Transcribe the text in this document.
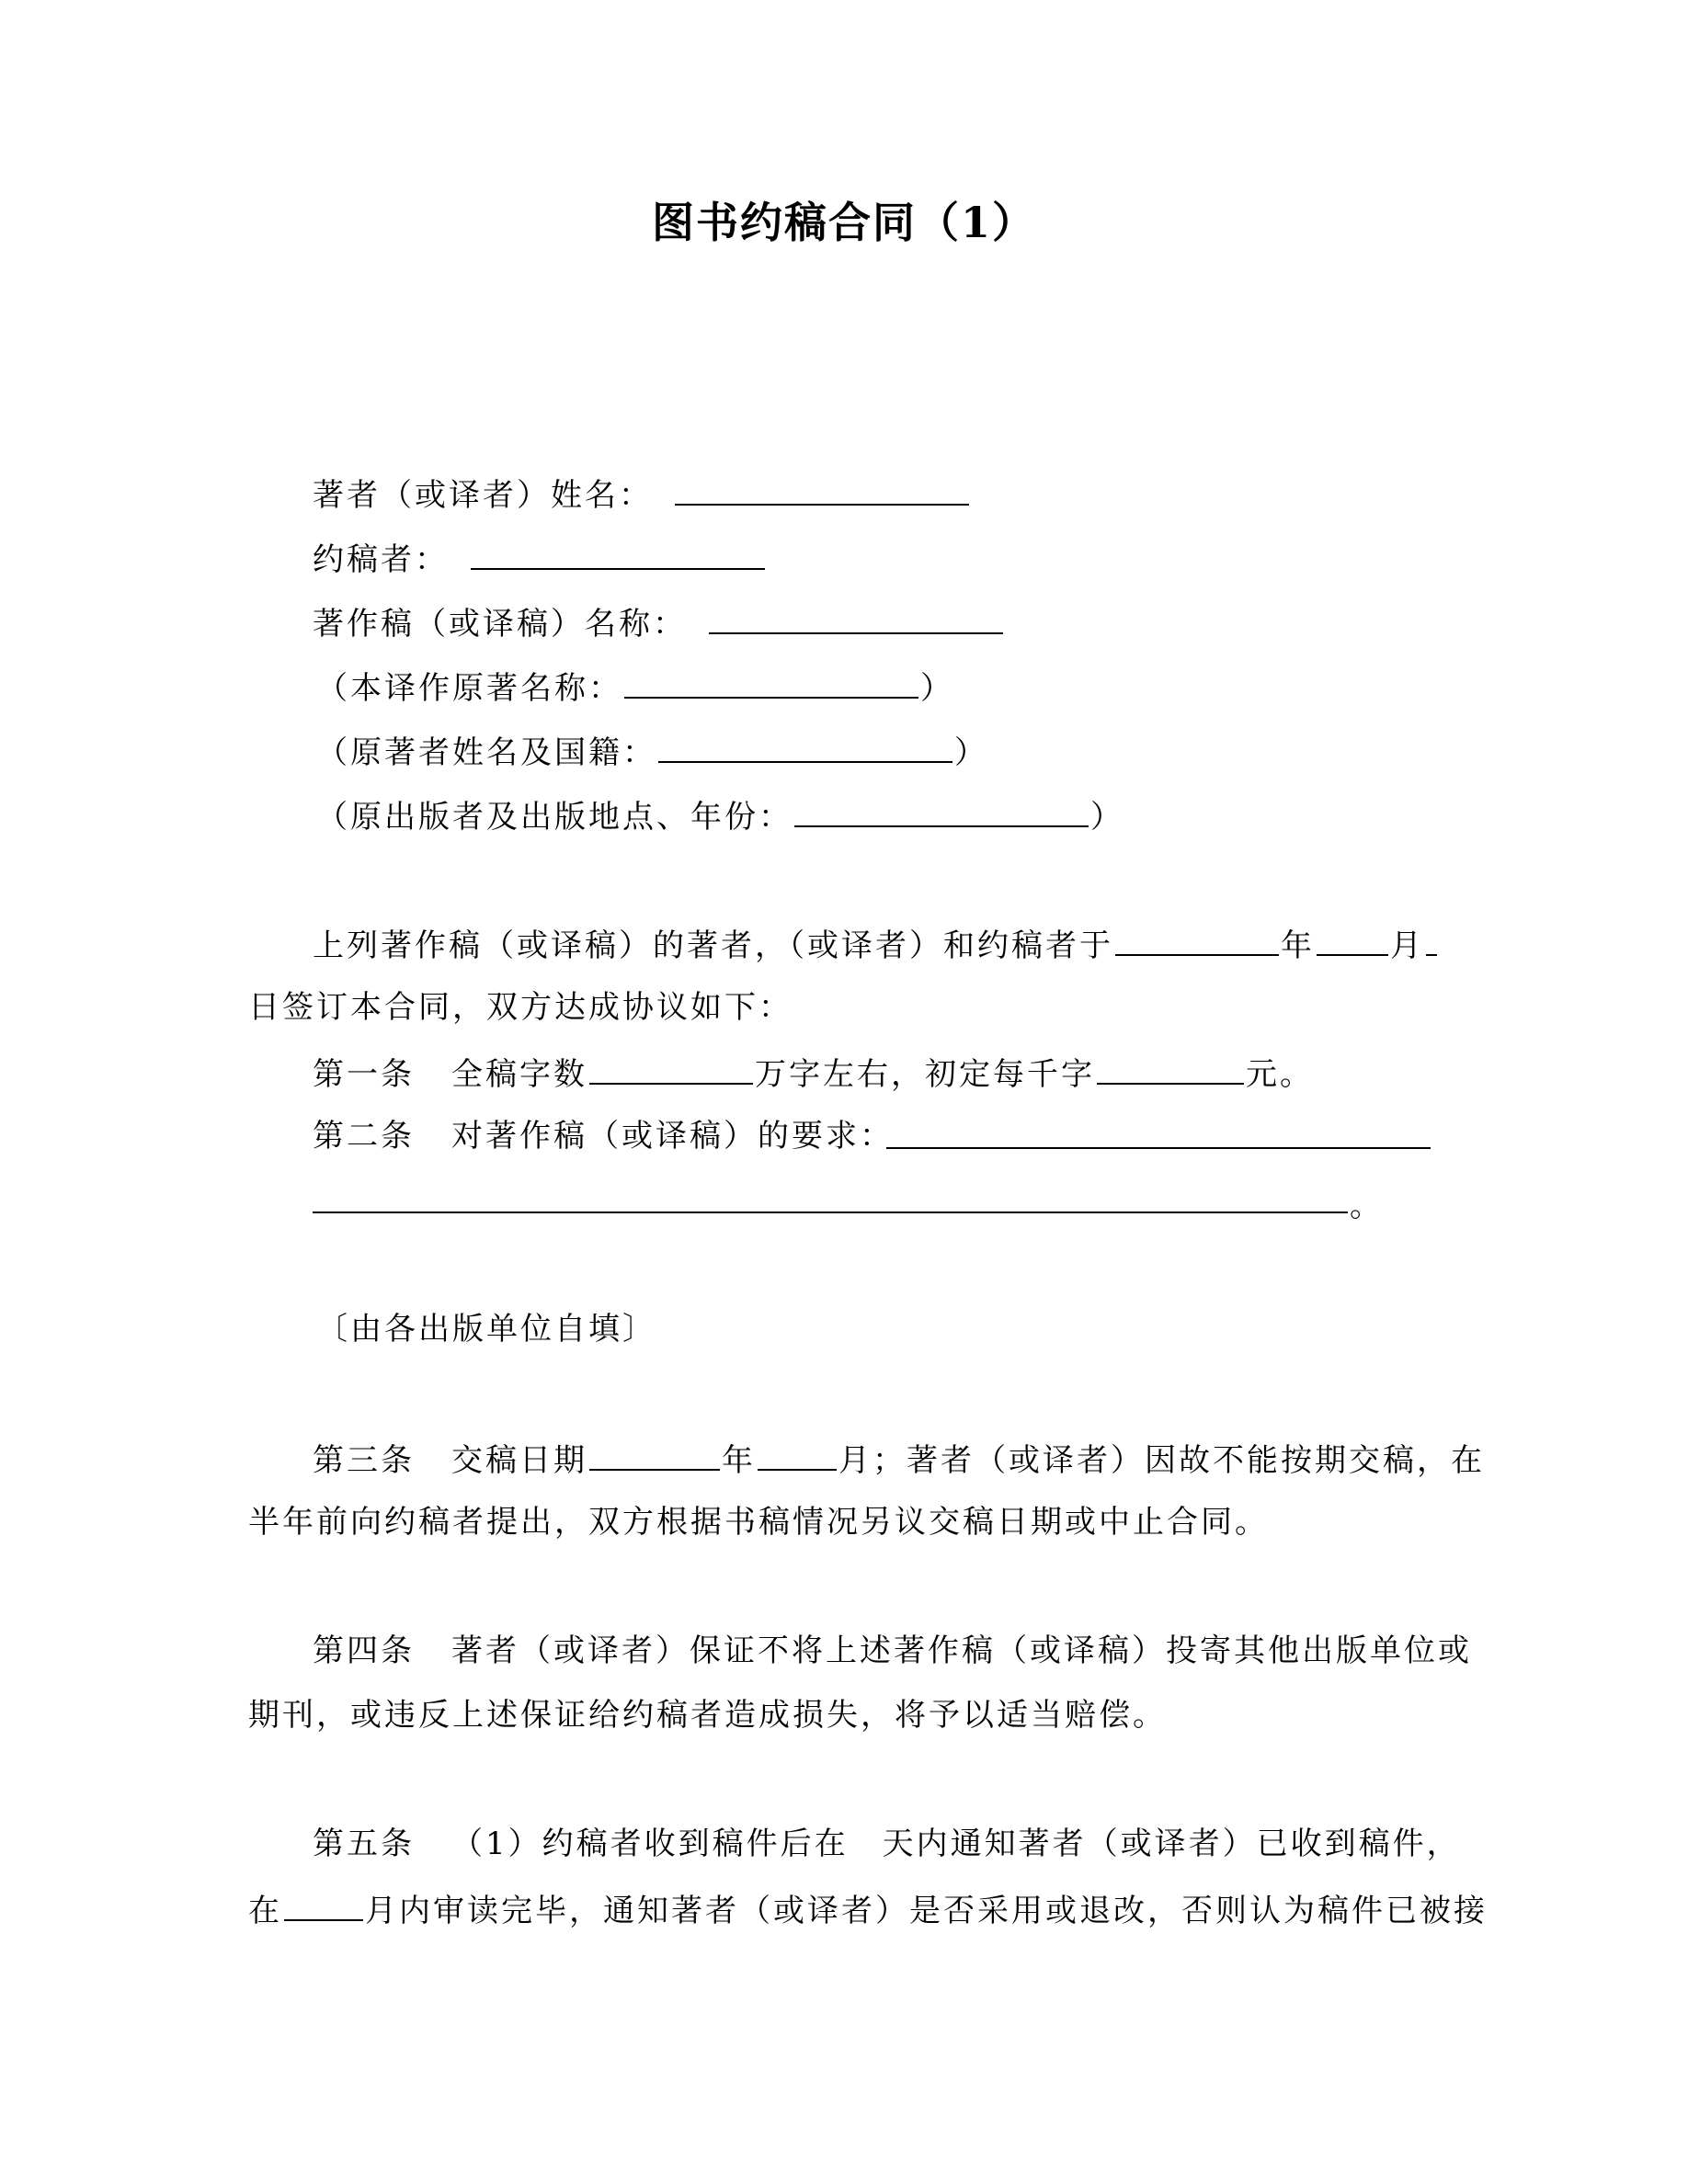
图书约稿合同（1）
著者（或译者）姓名：
约稿者：
著作稿（或译稿）名称：
（本译作原著名称：	）
（原著者姓名及国籍：	）
（原出版者及出版地点、年份：	）
上列著作稿（或译稿）的著者，（或译者）和约稿者于	年 月
日签订本合同，双方达成协议如下：
第一条 全稿字数	万字左右，初定每千字	元。
第二条 对著作稿（或译稿）的要求：
。
〔由各出版单位自填〕
第三条 交稿日期	年	月；著者（或译者）因故不能按期交稿，在
半年前向约稿者提出，双方根据书稿情况另议交稿日期或中止合同。
第四条 著者（或译者）保证不将上述著作稿（或译稿）投寄其他出版单位或
期刊，或违反上述保证给约稿者造成损失，将予以适当赔偿。
第五条 （1）约稿者收到稿件后在　天内通知著者（或译者）已收到稿件，
在	月内审读完毕，通知著者（或译者）是否采用或退改，否则认为稿件已被接
